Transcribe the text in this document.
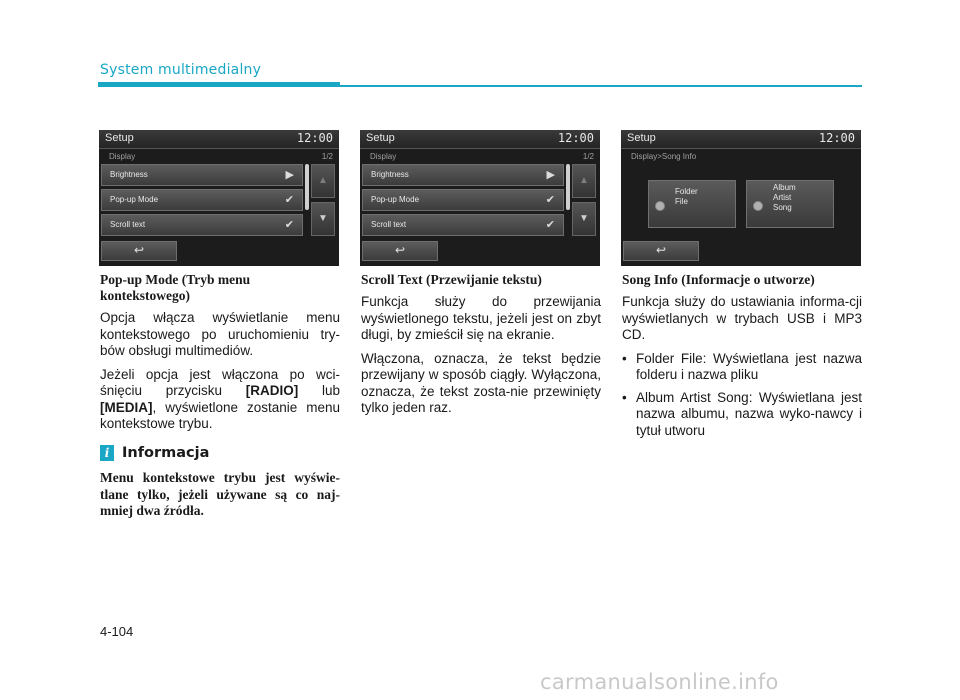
System multimedialny
Setup	12:00
Display	1/2
Brightness	▶
Pop-up Mode	✔
Scroll text	✔
▲
▼
↩
Setup	12:00
Display	1/2
Brightness	▶
Pop-up Mode	✔
Scroll text	✔
▲
▼
↩
Setup	12:00
Display>Song Info
Folder
File
Album
Artist
Song
↩
Pop-up Mode (Tryb menu kontekstowego)

Opcja włącza wyświetlanie menu kontekstowego po uruchomieniu try-bów obsługi multimediów.

Jeżeli opcja jest włączona po wci-śnięciu przycisku [RADIO] lub [MEDIA], wyświetlone zostanie menu kontekstowe trybu.

i Informacja
Menu kontekstowe trybu jest wyświe-tlane tylko, jeżeli używane są co naj-mniej dwa źródła.
Scroll Text (Przewijanie tekstu)

Funkcja służy do przewijania wyświetlonego tekstu, jeżeli jest on zbyt długi, by zmieścił się na ekranie.

Włączona, oznacza, że tekst będzie przewijany w sposób ciągły. Wyłączona, oznacza, że tekst zosta-nie przewinięty tylko jeden raz.

Song Info (Informacje o utworze)

Funkcja służy do ustawiania informa-cji wyświetlanych w trybach USB i MP3 CD.

• Folder File: Wyświetlana jest nazwa folderu i nazwa pliku
• Album Artist Song: Wyświetlana jest nazwa albumu, nazwa wyko-nawcy i tytuł utworu
4-104
carmanualsonline.info
